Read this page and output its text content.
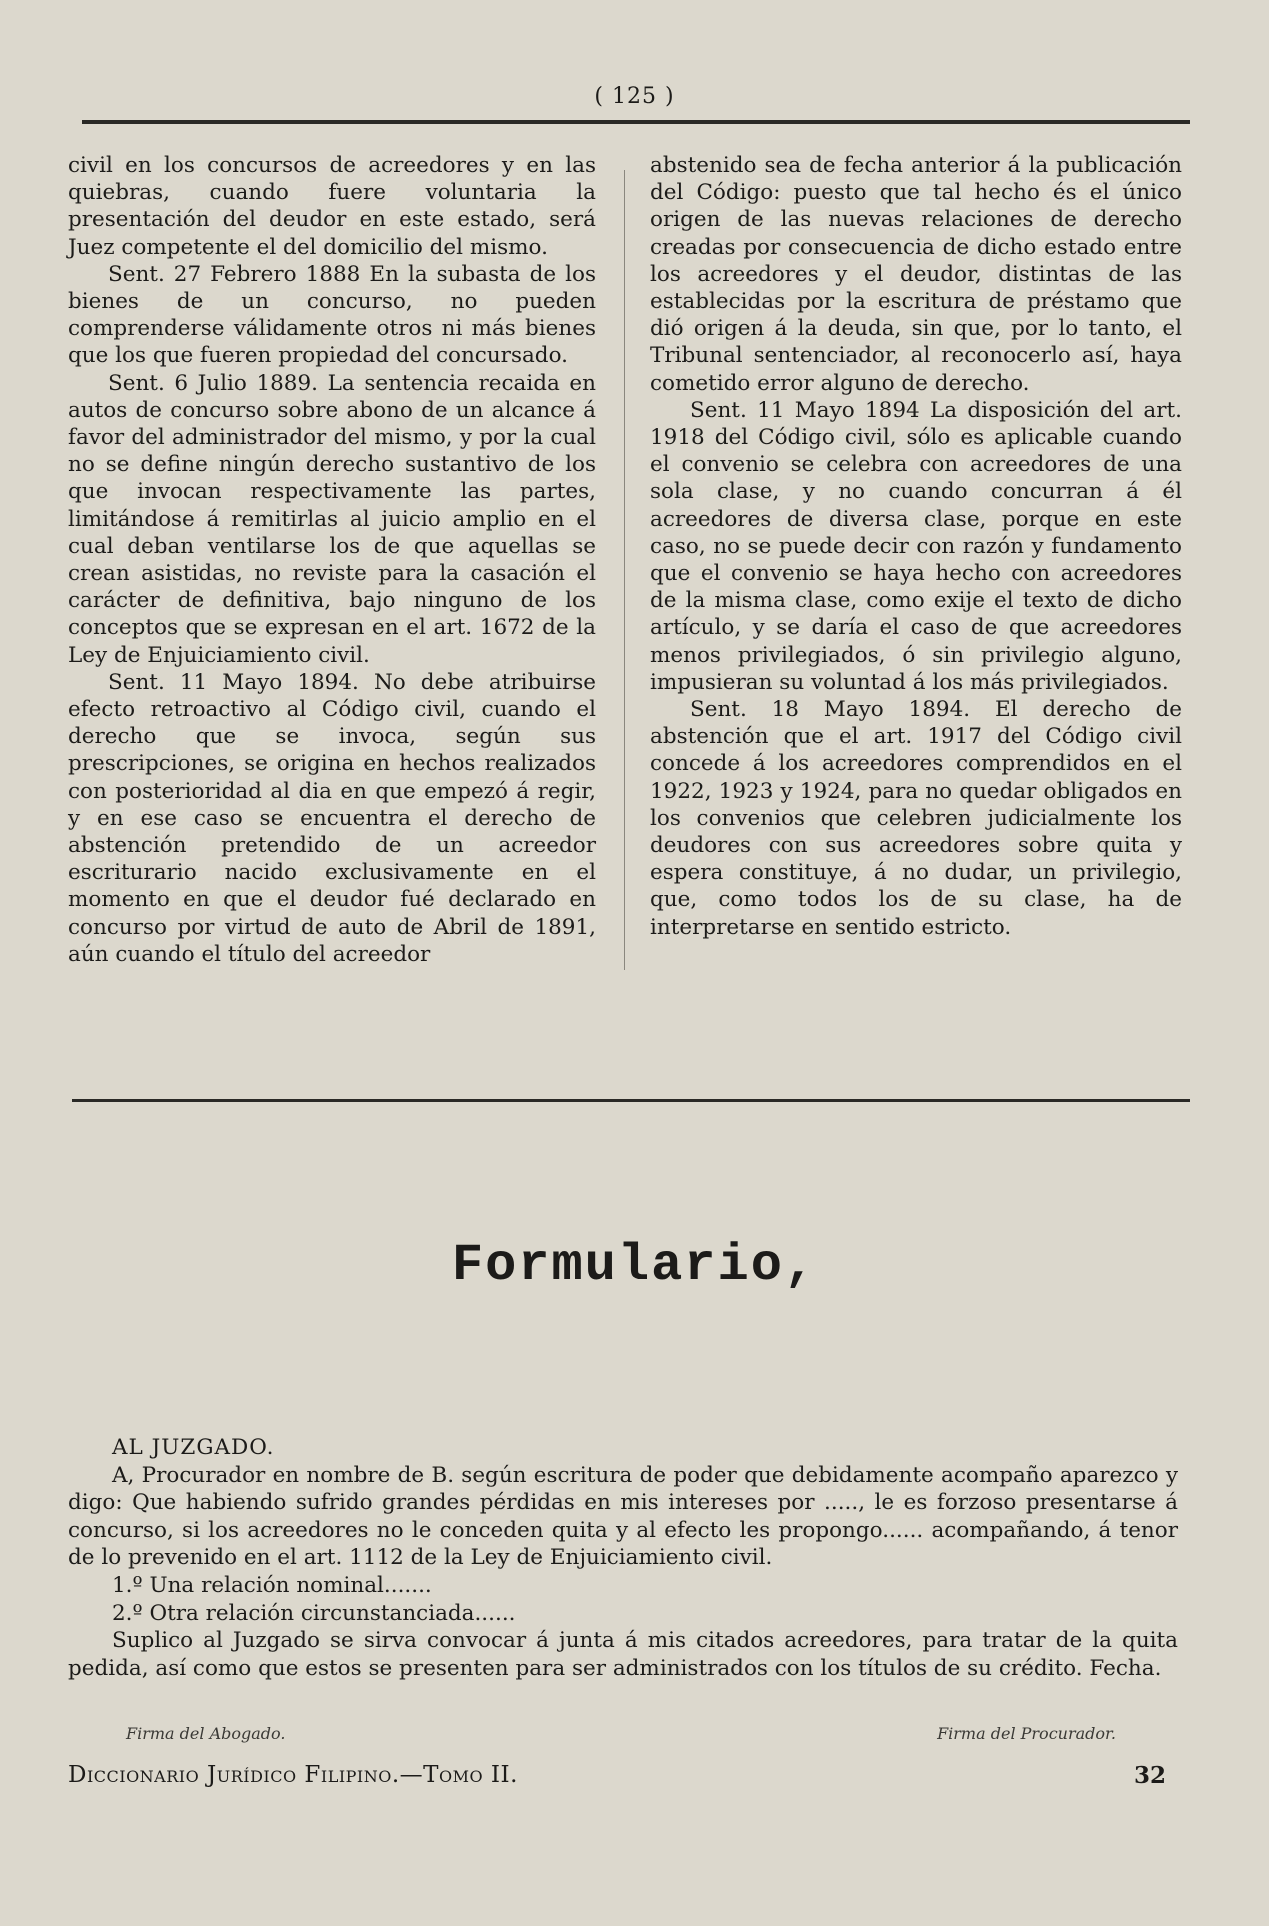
( 125 )

civil en los concursos de acreedores y en las quiebras, cuando fuere voluntaria la presentación del deudor en este estado, será Juez competente el del domicilio del mismo.

Sent. 27 Febrero 1888 En la subasta de los bienes de un concurso, no pueden comprenderse válidamente otros ni más bienes que los que fueren propiedad del concursado.

Sent. 6 Julio 1889. La sentencia recaida en autos de concurso sobre abono de un alcance á favor del administrador del mismo, y por la cual no se define ningún derecho sustantivo de los que invocan respectivamente las partes, limitándose á remitirlas al juicio amplio en el cual deban ventilarse los de que aquellas se crean asistidas, no reviste para la casación el carácter de definitiva, bajo ninguno de los conceptos que se expresan en el art. 1672 de la Ley de Enjuiciamiento civil.

Sent. 11 Mayo 1894. No debe atribuirse efecto retroactivo al Código civil, cuando el derecho que se invoca, según sus prescripciones, se origina en hechos realizados con posterioridad al dia en que empezó á regir, y en ese caso se encuentra el derecho de abstención pretendido de un acreedor escriturario nacido exclusivamente en el momento en que el deudor fué declarado en concurso por virtud de auto de Abril de 1891, aún cuando el título del acreedor

abstenido sea de fecha anterior á la publicación del Código: puesto que tal hecho és el único origen de las nuevas relaciones de derecho creadas por consecuencia de dicho estado entre los acreedores y el deudor, distintas de las establecidas por la escritura de préstamo que dió origen á la deuda, sin que, por lo tanto, el Tribunal sentenciador, al reconocerlo así, haya cometido error alguno de derecho.

Sent. 11 Mayo 1894 La disposición del art. 1918 del Código civil, sólo es aplicable cuando el convenio se celebra con acreedores de una sola clase, y no cuando concurran á él acreedores de diversa clase, porque en este caso, no se puede decir con razón y fundamento que el convenio se haya hecho con acreedores de la misma clase, como exije el texto de dicho artículo, y se daría el caso de que acreedores menos privilegiados, ó sin privilegio alguno, impusieran su voluntad á los más privilegiados.

Sent. 18 Mayo 1894. El derecho de abstención que el art. 1917 del Código civil concede á los acreedores comprendidos en el 1922, 1923 y 1924, para no quedar obligados en los convenios que celebren judicialmente los deudores con sus acreedores sobre quita y espera constituye, á no dudar, un privilegio, que, como todos los de su clase, ha de interpretarse en sentido estricto.

Formulario,

AL JUZGADO.

A, Procurador en nombre de B. según escritura de poder que debidamente acompaño aparezco y digo: Que habiendo sufrido grandes pérdidas en mis intereses por ....., le es forzoso presentarse á concurso, si los acreedores no le conceden quita y al efecto les propongo...... acompañando, á tenor de lo prevenido en el art. 1112 de la Ley de Enjuiciamiento civil.

1.º Una relación nominal.......

2.º Otra relación circunstanciada......

Suplico al Juzgado se sirva convocar á junta á mis citados acreedores, para tratar de la quita pedida, así como que estos se presenten para ser administrados con los títulos de su crédito. Fecha.

Firma del Abogado.	Firma del Procurador.
Diccionario Jurídico Filipino.—Tomo II.	32
